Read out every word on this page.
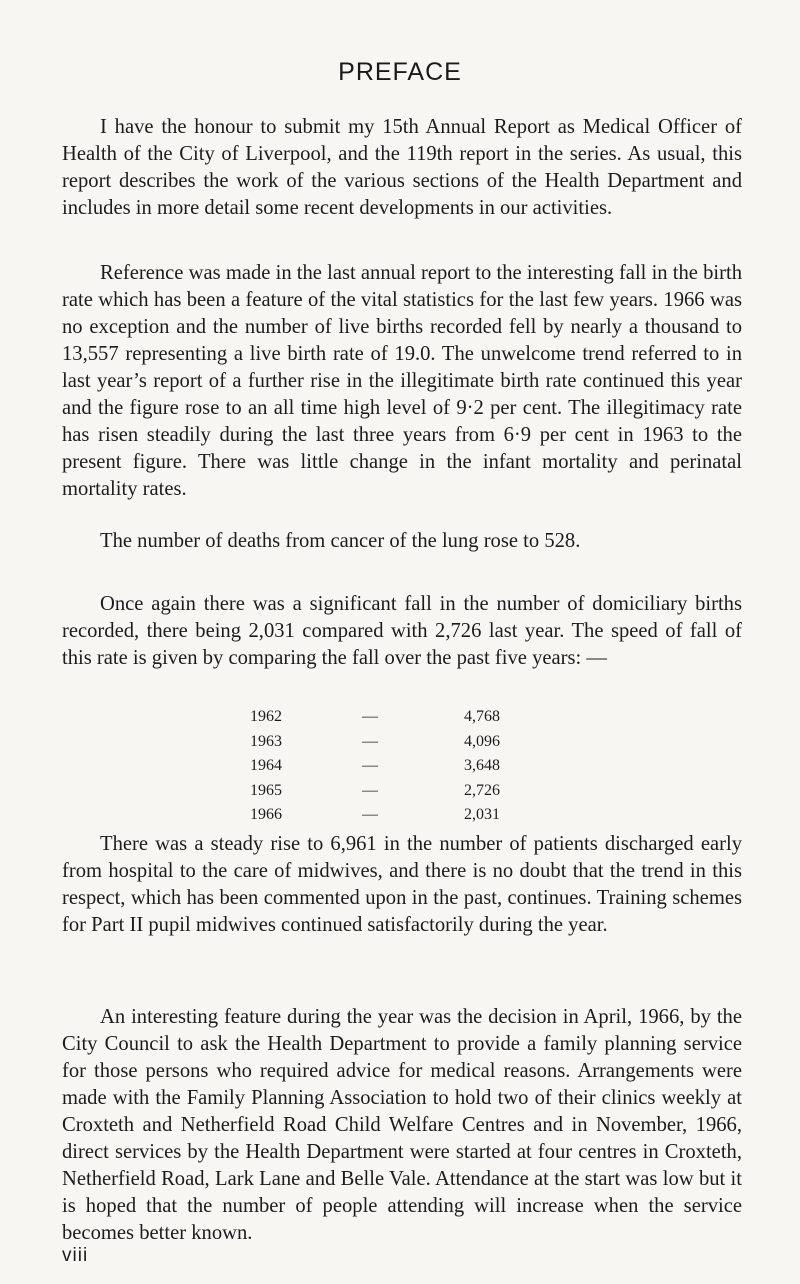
PREFACE

I have the honour to submit my 15th Annual Report as Medical Officer of Health of the City of Liverpool, and the 119th report in the series. As usual, this report describes the work of the various sections of the Health Department and includes in more detail some recent developments in our activities.

Reference was made in the last annual report to the interesting fall in the birth rate which has been a feature of the vital statistics for the last few years. 1966 was no exception and the number of live births recorded fell by nearly a thousand to 13,557 representing a live birth rate of 19.0. The unwelcome trend referred to in last year’s report of a further rise in the illegitimate birth rate continued this year and the figure rose to an all time high level of 9·2 per cent. The illegitimacy rate has risen steadily during the last three years from 6·9 per cent in 1963 to the present figure. There was little change in the infant mortality and perinatal mortality rates.

The number of deaths from cancer of the lung rose to 528.

Once again there was a significant fall in the number of domiciliary births recorded, there being 2,031 compared with 2,726 last year. The speed of fall of this rate is given by comparing the fall over the past five years: —

1962	—	4,768
1963	—	4,096
1964	—	3,648
1965	—	2,726
1966	—	2,031

There was a steady rise to 6,961 in the number of patients discharged early from hospital to the care of midwives, and there is no doubt that the trend in this respect, which has been commented upon in the past, continues. Training schemes for Part II pupil midwives continued satisfactorily during the year.

An interesting feature during the year was the decision in April, 1966, by the City Council to ask the Health Department to provide a family planning service for those persons who required advice for medical reasons. Arrangements were made with the Family Planning Association to hold two of their clinics weekly at Croxteth and Netherfield Road Child Welfare Centres and in November, 1966, direct services by the Health Department were started at four centres in Croxteth, Netherfield Road, Lark Lane and Belle Vale. Attendance at the start was low but it is hoped that the number of people attending will increase when the service becomes better known.

viii
